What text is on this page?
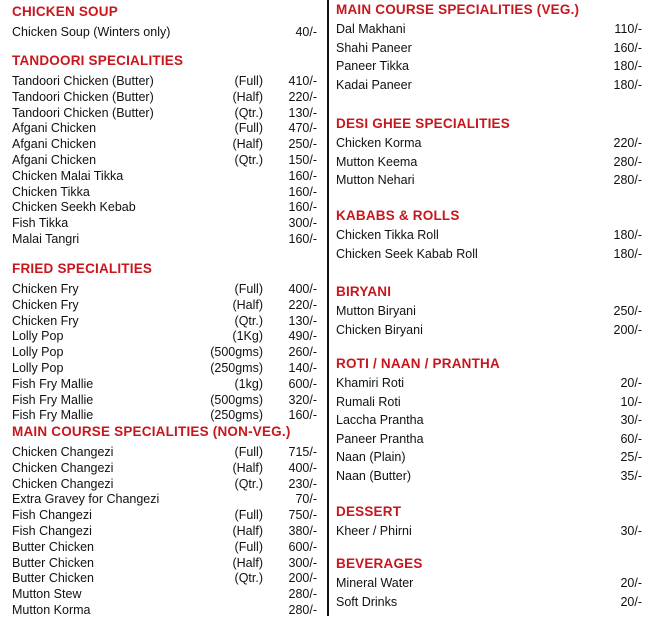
CHICKEN SOUP
Chicken Soup (Winters only)	40/-
TANDOORI SPECIALITIES
Tandoori Chicken (Butter)	(Full)	410/-
Tandoori Chicken (Butter)	(Half)	220/-
Tandoori Chicken (Butter)	(Qtr.)	130/-
Afgani Chicken	(Full)	470/-
Afgani Chicken	(Half)	250/-
Afgani Chicken	(Qtr.)	150/-
Chicken Malai Tikka	160/-
Chicken Tikka	160/-
Chicken Seekh Kebab	160/-
Fish Tikka	300/-
Malai Tangri	160/-
FRIED SPECIALITIES
Chicken Fry	(Full)	400/-
Chicken Fry	(Half)	220/-
Chicken Fry	(Qtr.)	130/-
Lolly Pop	(1Kg)	490/-
Lolly Pop	(500gms)	260/-
Lolly Pop	(250gms)	140/-
Fish Fry Mallie	(1kg)	600/-
Fish Fry Mallie	(500gms)	320/-
Fish Fry Mallie	(250gms)	160/-
MAIN COURSE SPECIALITIES (NON-VEG.)
Chicken Changezi	(Full)	715/-
Chicken Changezi	(Half)	400/-
Chicken Changezi	(Qtr.)	230/-
Extra Gravey for Changezi	70/-
Fish Changezi	(Full)	750/-
Fish Changezi	(Half)	380/-
Butter Chicken	(Full)	600/-
Butter Chicken	(Half)	300/-
Butter Chicken	(Qtr.)	200/-
Mutton Stew	280/-
Mutton Korma	280/-
MAIN COURSE SPECIALITIES (VEG.)
Dal Makhani	110/-
Shahi Paneer	160/-
Paneer Tikka	180/-
Kadai Paneer	180/-
DESI GHEE SPECIALITIES
Chicken Korma	220/-
Mutton Keema	280/-
Mutton Nehari	280/-
KABABS & ROLLS
Chicken Tikka Roll	180/-
Chicken Seek Kabab Roll	180/-
BIRYANI
Mutton Biryani	250/-
Chicken Biryani	200/-
ROTI / NAAN / PRANTHA
Khamiri Roti	20/-
Rumali Roti	10/-
Laccha Prantha	30/-
Paneer Prantha	60/-
Naan (Plain)	25/-
Naan (Butter)	35/-
DESSERT
Kheer / Phirni	30/-
BEVERAGES
Mineral Water	20/-
Soft Drinks	20/-
